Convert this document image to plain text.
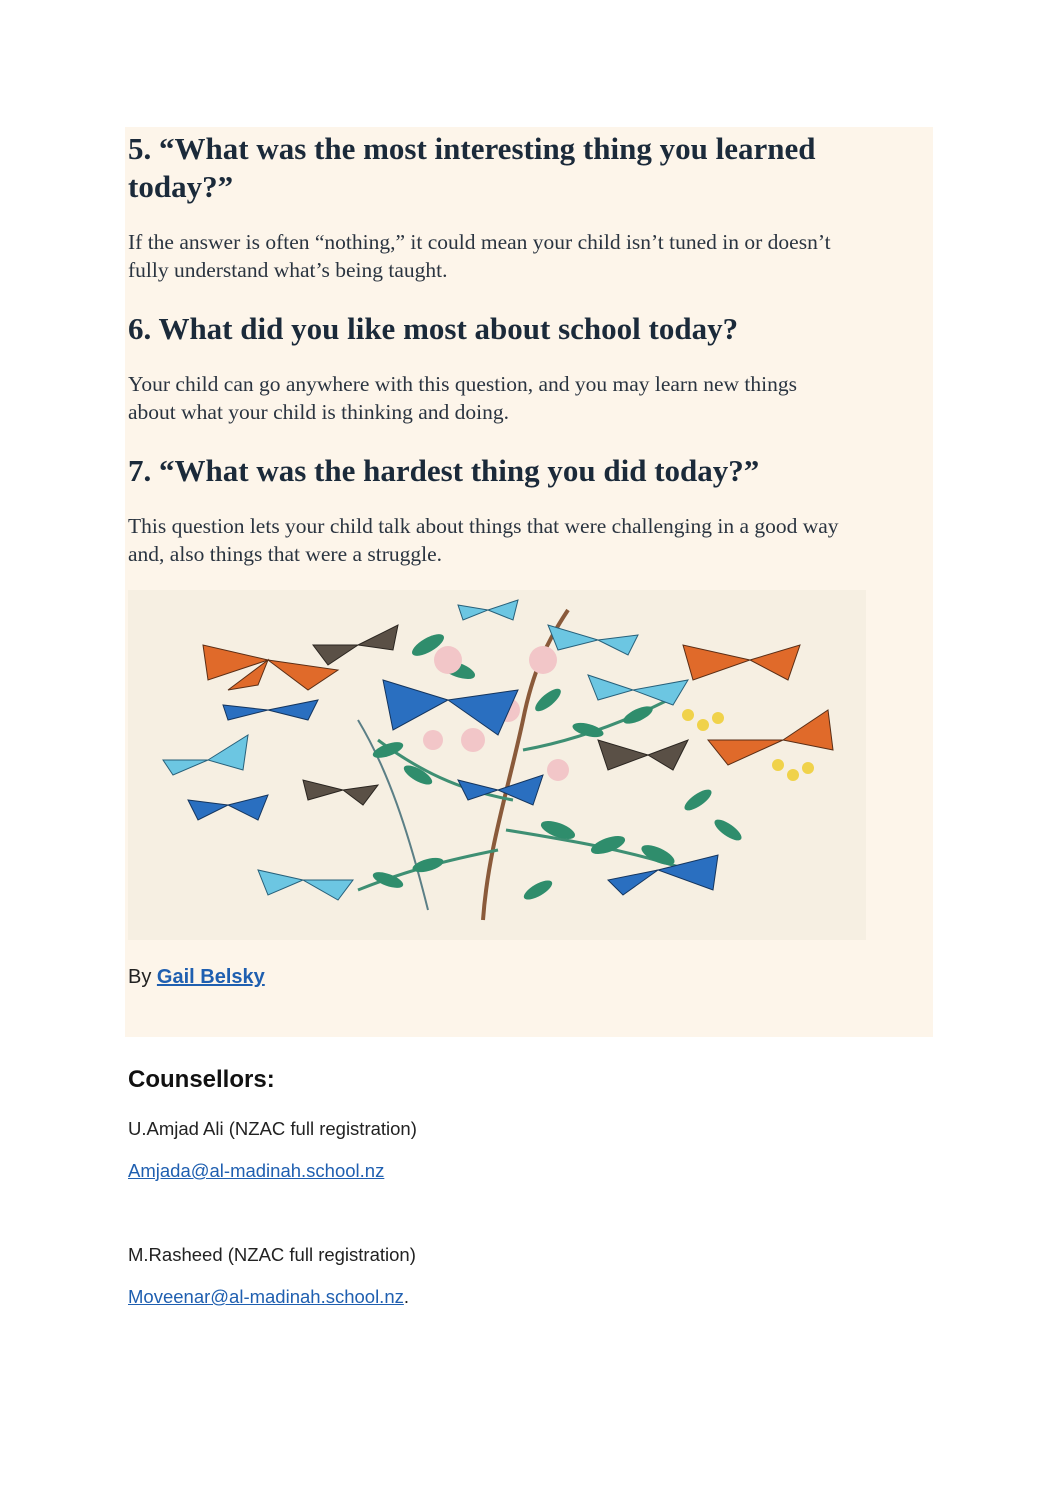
5. “What was the most interesting thing you learned
today?”

If the answer is often “nothing,” it could mean your child isn’t tuned in or doesn’t

fully understand what’s being taught.

6. What did you like most about school today?

Your child can go anywhere with this question, and you may learn new things

about what your child is thinking and doing.

7. “What was the hardest thing you did today?”

This question lets your child talk about things that were challenging in a good way

and, also things that were a struggle.

By Gail Belsky
Counsellors:
U.Amjad Ali (NZAC full registration)
Amjada@al-madinah.school.nz
M.Rasheed (NZAC full registration)
Moveenar@al-madinah.school.nz.
